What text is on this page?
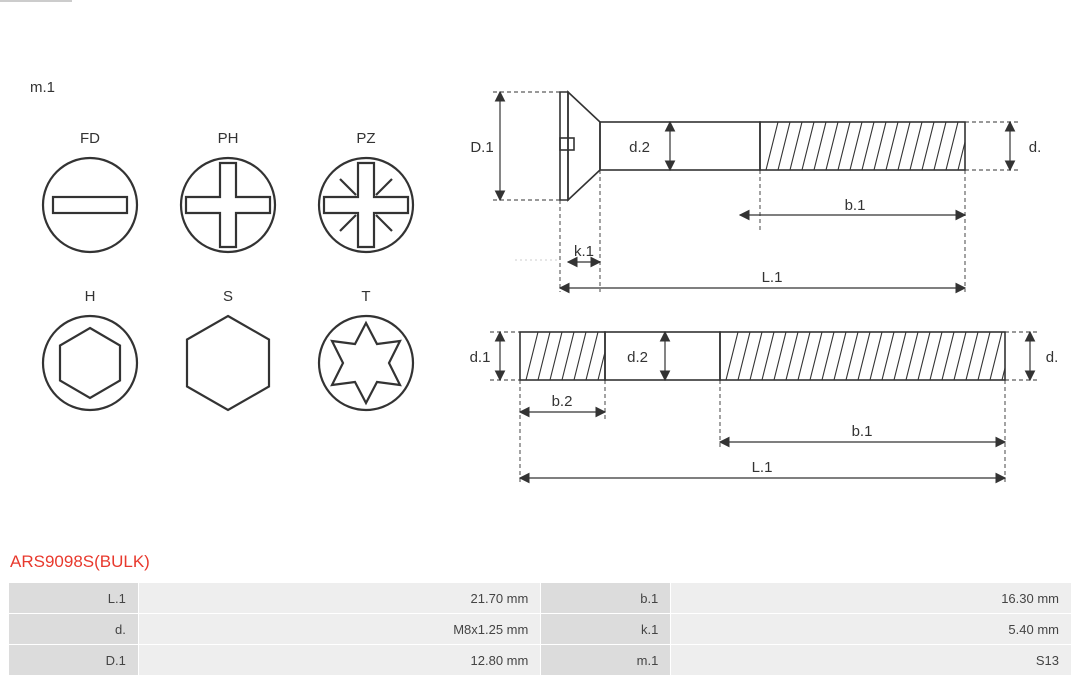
m.1
FD	PH	PZ
H	S	T
D.1	d.2	d.
b.1
k.1
L.1
d.1	d.2	d.
b.2
b.1
L.1
ARS9098S(BULK)
L.1	21.70 mm	b.1	16.30 mm
d.	M8x1.25 mm	k.1	5.40 mm
D.1	12.80 mm	m.1	S13
